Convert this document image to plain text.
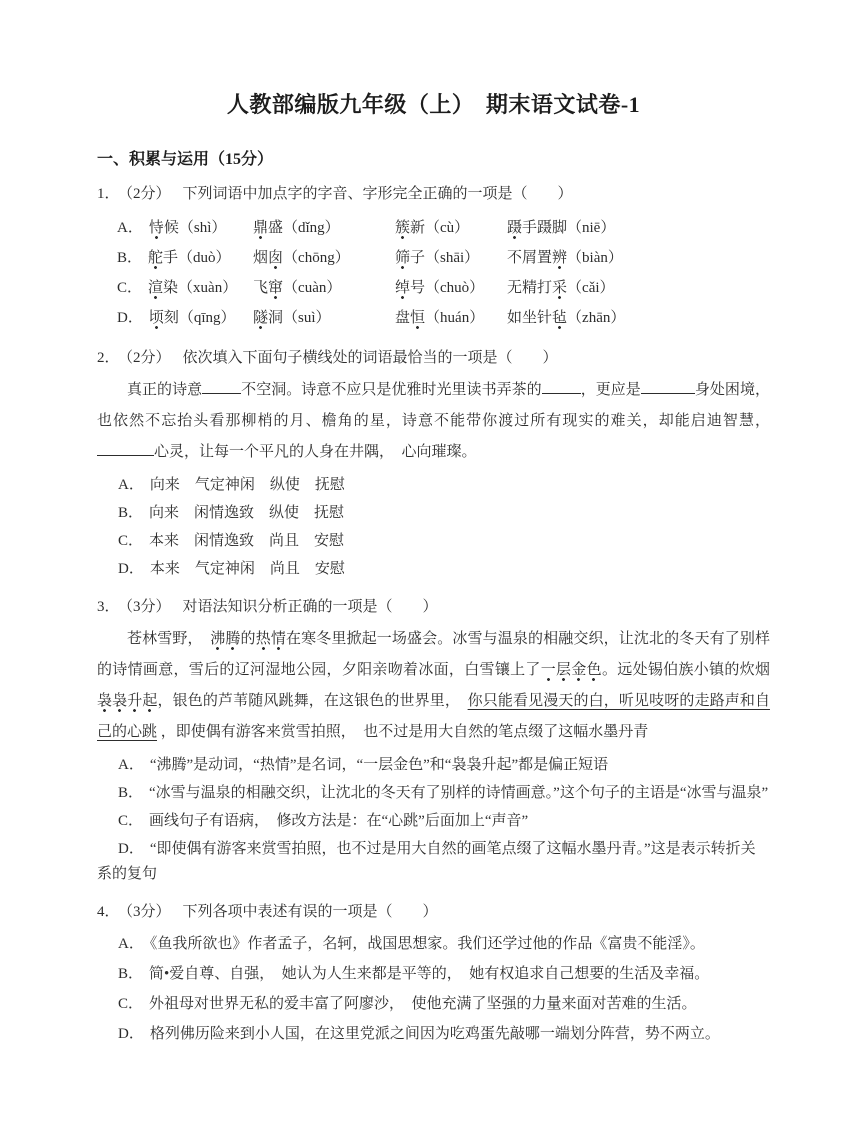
人教部编版九年级（上）　期末语文试卷-1
一、积累与运用（15分）

1． （2分） 下列词语中加点字的字音、字形完全正确的一项是（　　）

A． 恃候（shì）	鼎盛（dǐng）	簇新（cù）	蹑手蹑脚（niē）
B． 舵手（duò）	烟囱（chōng）	筛子（shāi）	不屑置辨（biàn）
C． 渲染（xuàn）	飞窜（cuàn）	绰号（chuò）	无精打采（cǎi）
D． 顷刻（qīng）	隧洞（suì）	盘恒（huán）	如坐针毡（zhān）

2． （2分） 依次填入下面句子横线处的词语最恰当的一项是（　　）

真正的诗意	不空洞。诗意不应只是优雅时光里读书弄茶的	，更应是	身处困境，也依然不忘抬头看那柳梢的月、檐角的星，诗意不能带你渡过所有现实的难关，却能启迪智慧，心灵，让每一个平凡的人身在井隅，　心向璀璨。

A． 向来　气定神闲　纵使　抚慰

B． 向来　闲情逸致　纵使　抚慰

C． 本来　闲情逸致　尚且　安慰

D． 本来　气定神闲　尚且　安慰

3． （3分） 对语法知识分析正确的一项是（　　）

苍林雪野，　沸腾的热情在寒冬里掀起一场盛会。冰雪与温泉的相融交织，让沈北的冬天有了别样的诗情画意，雪后的辽河湿地公园，夕阳亲吻着冰面，白雪镶上了一层金色。远处锡伯族小镇的炊烟袅袅升起，银色的芦苇随风跳舞，在这银色的世界里，　你只能看见漫天的白，听见吱呀的走路声和自己的心跳 ，即使偶有游客来赏雪拍照，　也不过是用大自然的笔点缀了这幅水墨丹青

A． “沸腾”是动词，“热情”是名词，“一层金色”和“袅袅升起”都是偏正短语

B． “冰雪与温泉的相融交织，让沈北的冬天有了别样的诗情画意。”这个句子的主语是“冰雪与温泉”

C． 画线句子有语病，　修改方法是：在“心跳”后面加上“声音”

D． “即使偶有游客来赏雪拍照，也不过是用大自然的画笔点缀了这幅水墨丹青。”这是表示转折关系的复句

4． （3分） 下列各项中表述有误的一项是（　　）

A． 《鱼我所欲也》作者孟子，名轲，战国思想家。我们还学过他的作品《富贵不能淫》。

B． 简•爱自尊、自强，　她认为人生来都是平等的，　她有权追求自己想要的生活及幸福。

C． 外祖母对世界无私的爱丰富了阿廖沙，　使他充满了坚强的力量来面对苦难的生活。

D． 格列佛历险来到小人国，在这里党派之间因为吃鸡蛋先敲哪一端划分阵营，势不两立。
